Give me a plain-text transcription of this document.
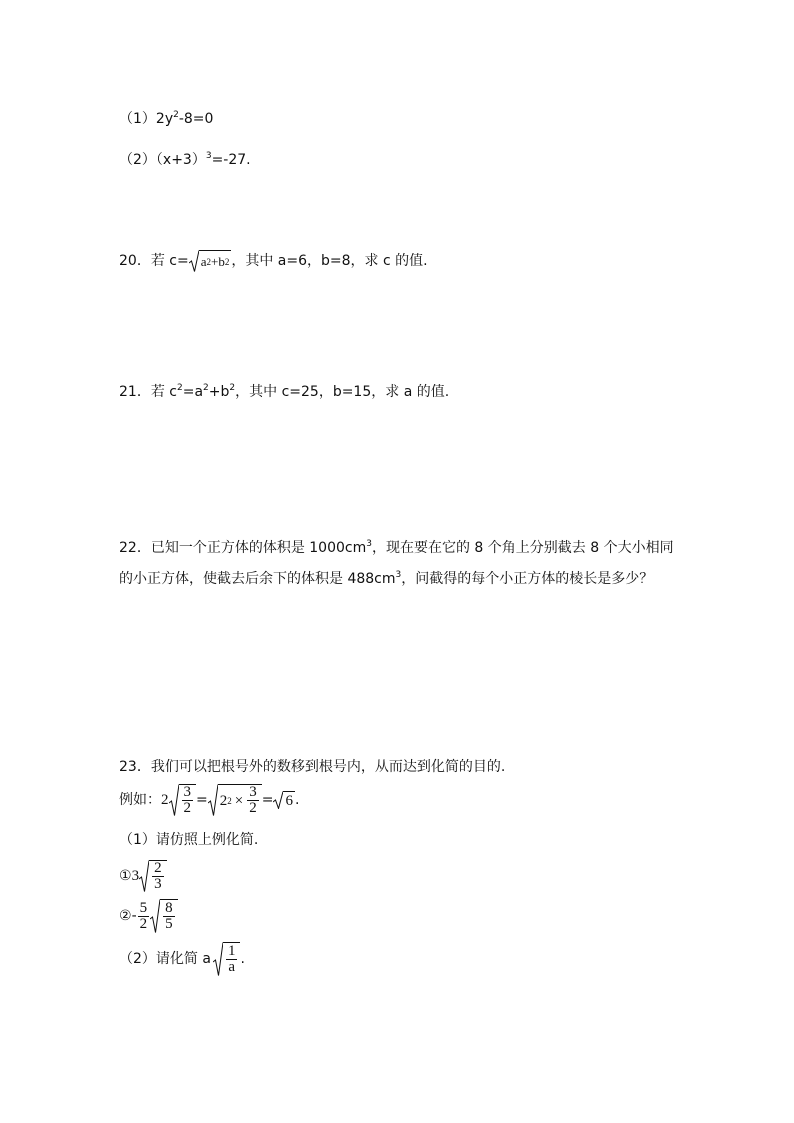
$(1)2y^2-8=0$
$(2)(x+3)^3=-27$.
20．若 c= a 2 +b 2 ，其中 a=6，b=8，求 c 的值.
21．若 $c^2=a^2+b^2$，其中 c=25，b=15，求 a 的值.
22．已知一个正方体的体积是 $1000cm^3$，现在要在它的 8 个角上分别截去 8 个大小相同的小正方体，使截去后余下的体积是 $488cm^3$，问截得的每个小正方体的棱长是多少？
23．我们可以把根号外的数移到根号内，从而达到化简的目的.
例如： $2 \frac{3}{2} = 2$ $2 \times \frac{3}{2} = 6$ .
（1）请仿照上例化简.
① $3 \frac{2}{3}$
② - $\frac{5}{2} \frac{8}{5}$
（2）请化简 a $\frac{1}{a}$ .
